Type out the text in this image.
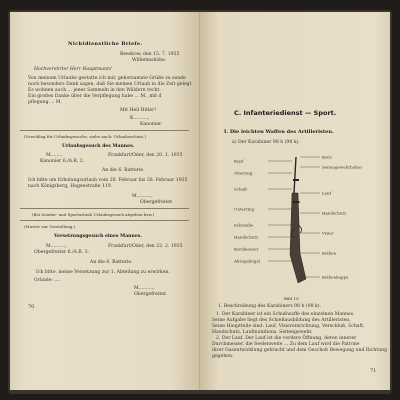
Nichtdienstliche Briefe.
Beeskow, den 15. 7. 1935
Wilhelmshöhe.
Hochverehrter Herr Hauptmann!
Von meinem Urlaube gestatte ich mir, gehorsamste Grüße zu sende
noch besonders Dank sagen, daß Sie meinen Urlaub in die Zeit gelegt
Es wohnen auch ... jenes Sammeln in den Wäldern recht.
Ein großes Danke über die Verpflegung habe ... M., mit d
pflegung ... M.
Mit Heil Hitler!
K..........,
Kanonier.
(Vorschlag für Urlaubsgesuche, siehe auch: Urlaubsschein.)
Urlaubsgesuch des Mannes.
M.......,
Kanonier 6./A.R. 3.
Frankfurt/Oder, den 20. 1. 1935
An die 6. Batterie.
Ich bitte um Erholungsurlaub vom 20. Februar bis 28. Februar 1935
nach Königsberg, Hagenstraße 119.
M..........,
Obergefreiter.
(Bei Sonder- und Sporturlaub Urlaubsgesuch abgeben bzw.)
(Muster zur Vorstellung.)
Versetzungsgesuch eines Mannes.
M..........,	Frankfurt/Oder, den 22. 2. 1935
Obergefreiter 6./A.R. 3.
An die 6. Batterie.
Ich bitte, meine Versetzung zur 1. Abteilung zu erwirken.
Gründe: ....
M..........,
Obergefreiter.
70
C. Infanteriedienst — Sport.
I. Die leichten Waffen des Artilleristen.
a) Der Karabiner 98 b (98 k).
Kopf
Oberring
Schaft
Unterring
Schraube
Handschutz
Kornbeisser
Abzugsbügel
Korn
Seitengewehrhalter
Lauf
Handschutz
Visier
Kolben
Kolbenkappe
Bild 19.
1. Beschreibung des Karabiners 98 b (98 k).
1. Der Karabiner ist ein Schußwaffe des einzelnen Mannes.
Seine Aufgabe liegt des Schießausbildung des Artilleristen,
Seine Hauptteile sind: Lauf, Visiereinrichtung, Verschluß, Schaft,
Handschutz, Laufmunitions, Seitengewehr.
2. Der Lauf. Der Lauf ist die vordere Öffnung, deren innerer
Durchmesser, die Seelenweite ... Zu dem Lauf wird die Patrone
ihrer Gasentwicklung gebracht und dem Geschoß Bewegung und Richtung
gegeben.
71
